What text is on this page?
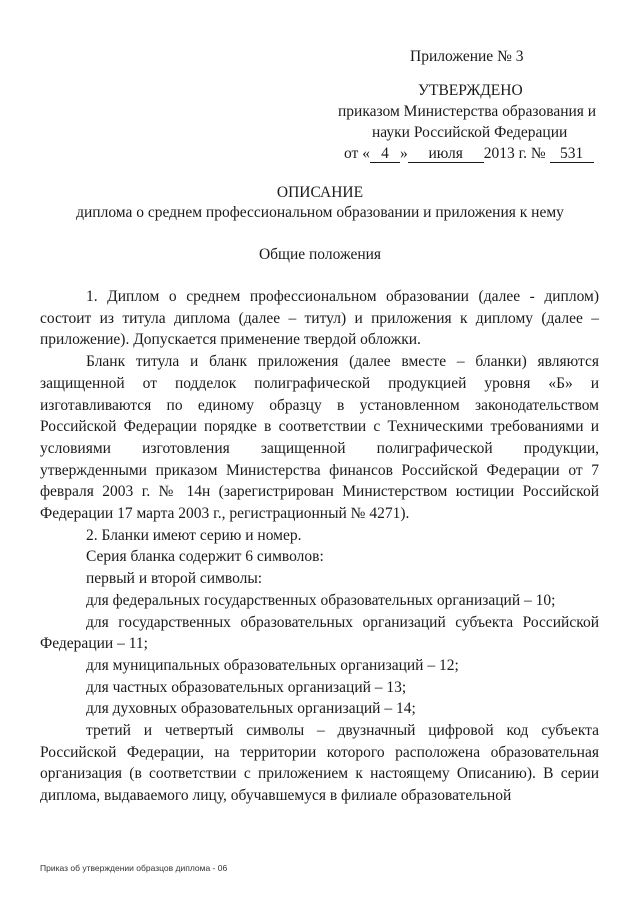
Приложение № 3
УТВЕРЖДЕНО
приказом Министерства образования и
науки Российской Федерации
от « 4 » июля 2013 г. № 531
ОПИСАНИЕ
диплома о среднем профессиональном образовании и приложения к нему
Общие положения

1. Диплом о среднем профессиональном образовании (далее - диплом) состоит из титула диплома (далее – титул) и приложения к диплому (далее – приложение). Допускается применение твердой обложки.

Бланк титула и бланк приложения (далее вместе – бланки) являются защищенной от подделок полиграфической продукцией уровня «Б» и изготавливаются по единому образцу в установленном законодательством Российской Федерации порядке в соответствии с Техническими требованиями и условиями изготовления защищенной полиграфической продукции, утвержденными приказом Министерства финансов Российской Федерации от 7 февраля 2003 г. № 14н (зарегистрирован Министерством юстиции Российской Федерации 17 марта 2003 г., регистрационный № 4271).

2. Бланки имеют серию и номер.

Серия бланка содержит 6 символов:

первый и второй символы:

для федеральных государственных образовательных организаций – 10;

для государственных образовательных организаций субъекта Российской Федерации – 11;

для муниципальных образовательных организаций – 12;

для частных образовательных организаций – 13;

для духовных образовательных организаций – 14;

третий и четвертый символы – двузначный цифровой код субъекта Российской Федерации, на территории которого расположена образовательная организация (в соответствии с приложением к настоящему Описанию). В серии диплома, выдаваемого лицу, обучавшемуся в филиале образовательной

Приказ об утверждении образцов диплома - 06
